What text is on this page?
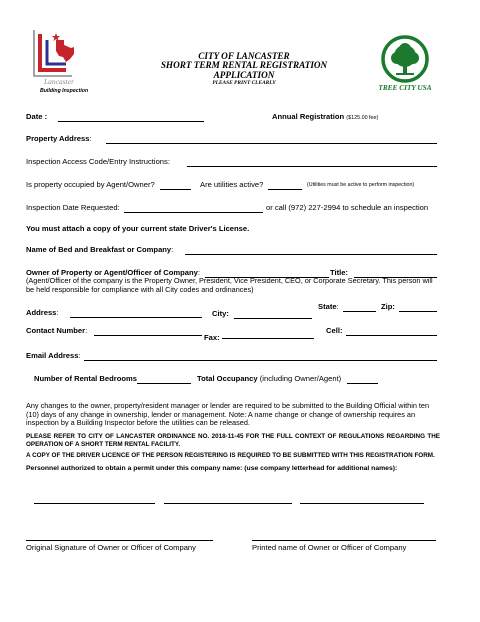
Lancaster
Building Inspection
CITY OF LANCASTER
SHORT TERM RENTAL REGISTRATION
APPLICATION
PLEASE PRINT CLEARLY	TREE CITY USA
Date :	Annual Registration ($125.00 fee)
Property Address:
Inspection Access Code/Entry Instructions:
Is property occupied by Agent/Owner?	Are utilities active?	(Utilities must be active to perform inspection)
Inspection Date Requested:	or call (972) 227-2994 to schedule an inspection
You must attach a copy of your current state Driver's License.
Name of Bed and Breakfast or Company:
Owner of Property or Agent/Officer of Company:	Title:
(Agent/Officer of the company is the Property Owner, President, Vice President, CEO, or Corporate Secretary. This person will be held responsible for compliance with all City codes and ordinances)
Address:	City:
State:	Zip:
Contact Number:
Fax:
Cell:
Email Address:
Number of Rental Bedrooms	Total Occupancy (including Owner/Agent)
Any changes to the owner, property/resident manager or lender are required to be submitted to the Building Official within ten (10) days of any change in ownership, lender or management. Note: A name change or change of ownership requires an inspection by a Building Inspector before the utilities can be released.
PLEASE REFER TO CITY OF LANCASTER ORDINANCE NO. 2018-11-45 FOR THE FULL CONTEXT OF REGULATIONS REGARDING THE OPERATION OF A SHORT TERM RENTAL FACILITY.
A COPY OF THE DRIVER LICENCE OF THE PERSON REGISTERING IS REQUIRED TO BE SUBMITTED WITH THIS REGISTRATION FORM.
Personnel authorized to obtain a permit under this company name: (use company letterhead for additional names):
Original Signature of Owner or Officer of Company	Printed name of Owner or Officer of Company
